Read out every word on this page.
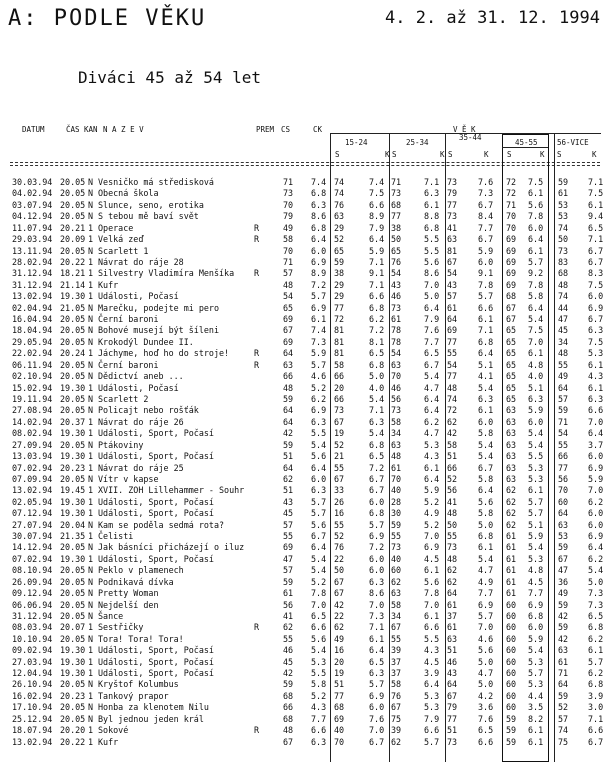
A: PODLE VĚKU	4. 2. až 31. 12. 1994
Diváci 45 až 54 let
DATUM	ČAS KAN N A Z E V	PREM CS	CK	V Ě K
15-24	25-34
35-44
45-55	56-VICE
S	K S	K S	K S	K S	K
30.03.94 20.05 N Vesničko má středisková	71 7.4 74	7.4 71	7.1 73 7.6 72 7.5 59 7.1
04.02.94 20.05 N Obecná škola	73 6.8 74	7.5 73	6.3 79 7.3 72 6.1 61 7.5
03.07.94 20.05 N Slunce, seno, erotika	70 6.3 76	6.6 68	6.1 77 6.7 71 5.6 53 6.1
04.12.94 20.05 N S tebou mě baví svět	79 8.6 63	8.9 77	8.8 73 8.4 70 7.8 53 9.4
11.07.94 20.21 1 Operace	R	49 6.8 29	7.9 38	6.8 41 7.7 70 6.0 74 6.5
29.03.94 20.09 1 Velká zeď	R	58 6.4 52	6.4 50	5.5 63 6.7 69 6.4 50 7.1
13.11.94 20.05 N Scarlett 1	70 6.0 65	5.9 65	5.5 81 5.9 69 6.1 73 6.7
28.02.94 20.22 1 Návrat do ráje 28	71 6.9 59	7.1 76	5.6 67 6.0 69 5.7 83 6.7
31.12.94 18.21 1 Silvestry Vladimíra Menšíka R	57 8.9 38	9.1 54	8.6 54 9.1 69 9.2 68 8.3
31.12.94 21.14 1 Kufr	48 7.2 29	7.1 43	7.0 43 7.8 69 7.8 48 7.5
13.02.94 19.30 1 Události, Počasí	54 5.7 29	6.6 46	5.0 57 5.7 68 5.8 74 6.0
02.04.94 21.05 N Marečku, podejte mi pero	65 6.9 77	6.8 73	6.4 61 6.6 67 6.4 44 6.9
16.04.94 20.05 N Černí baroni	69 6.1 72	6.2 61	7.9 64 6.1 67 5.4 47 6.7
18.04.94 20.05 N Bohové musejí být šíleni	67 7.4 81	7.2 78	7.6 69 7.1 65 7.5 45 6.3
29.05.94 20.05 N Krokodýl Dundee II.	69 7.3 81	8.1 78	7.7 77 6.8 65 7.0 34 7.5
22.02.94 20.24 1 Jáchyme, hoď ho do stroje!	R	64 5.9 81	6.5 54	6.5 55 6.4 65 6.1 48 5.3
06.11.94 20.05 N Černí baroni	R	63 5.7 58	6.8 63	6.7 54 5.1 65 4.8 55 6.1
02.10.94 20.05 N Dědictví aneb ...	66 4.6 66	5.0 70	5.4 77 4.1 65 4.0 49 4.3
15.02.94 19.30 1 Události, Počasí	48 5.2 20	4.0 46	4.7 48 5.4 65 5.1 64 6.1
19.11.94 20.05 N Scarlett 2	59 6.2 66	5.4 56	6.4 74 6.3 65 6.3 57 6.3
27.08.94 20.05 N Policajt nebo rošťák	64 6.9 73	7.1 73	6.4 72 6.1 63 5.9 59 6.6
14.02.94 20.37 1 Návrat do ráje 26	64 6.3 67	6.3 58	6.2 62 6.0 63 6.0 71 7.0
08.02.94 19.30 1 Události, Sport, Počasí	42 5.5 19	5.4 34	4.7 42 5.8 63 5.4 54 6.4
27.09.94 20.05 N Ptákoviny	59 5.4 52	6.8 63	5.3 58 5.4 63 5.4 55 3.7
13.03.94 19.30 1 Události, Sport, Počasí	51 5.6 21	6.5 48	4.3 51 5.4 63 5.5 66 6.0
07.02.94 20.23 1 Návrat do ráje 25	64 6.4 55	7.2 61	6.1 66 6.7 63 5.3 77 6.9
07.09.94 20.05 N Vítr v kapse	62 6.0 67	6.7 70	6.4 52 5.8 63 5.3 56 5.9
13.02.94 19.45 1 XVII. ZOH Lillehammer - Souhr	51 6.3 33	6.7 40	5.9 56 6.4 62 6.1 70 7.0
02.05.94 19.30 1 Události, Sport, Počasí	43 5.7 26	6.0 28	5.2 41 5.6 62 5.7 60 6.2
07.12.94 19.30 1 Události, Sport, Počasí	45 5.7 16	6.8 30	4.9 48 5.8 62 5.7 64 6.0
27.07.94 20.04 N Kam se poděla sedmá rota?	57 5.6 55	5.7 59	5.2 50 5.0 62 5.1 63 6.0
30.07.94 21.35 1 Čelisti	55 6.7 52	6.9 55	7.0 55 6.8 61 5.9 53 6.9
14.12.94 20.05 N Jak básníci přicházejí o iluz	69 6.4 76	7.2 73	6.9 73 6.1 61 5.4 59 6.4
07.02.94 19.30 1 Události, Sport, Počasí	47 5.4 22	6.0 40	4.5 48 5.4 61 5.3 67 6.2
08.10.94 20.05 N Peklo v plamenech	57 5.4 50	6.0 60	6.1 62 4.7 61 4.8 47 5.4
26.09.94 20.05 N Podnikavá dívka	59 5.2 67	6.3 62	5.6 62 4.9 61 4.5 36 5.0
09.12.94 20.05 N Pretty Woman	61 7.8 67	8.6 63	7.8 64 7.7 61 7.7 49 7.3
06.06.94 20.05 N Nejdelší den	56 7.0 42	7.0 58	7.0 61 6.9 60 6.9 59 7.3
31.12.94 20.05 N Šance	41 6.5 22	7.3 34	6.1 37 5.7 60 6.8 42 6.5
08.03.94 20.07 1 Sestřičky	R	62 6.6 62	7.1 67	6.6 61 7.0 60 6.0 59 6.8
10.10.94 20.05 N Tora! Tora! Tora!	55 5.6 49	6.1 55	5.5 63 4.6 60 5.9 42 6.2
09.02.94 19.30 1 Události, Sport, Počasí	46 5.4 16	6.4 39	4.3 51 5.6 60 5.4 63 6.1
27.03.94 19.30 1 Události, Sport, Počasí	45 5.3 20	6.5 37	4.5 46 5.0 60 5.3 61 5.7
12.04.94 19.30 1 Události, Sport, Počasí	42 5.5 19	6.3 37	3.9 43 4.7 60 5.7 71 6.2
26.10.94 20.05 N Kryštof Kolumbus	59 5.8 51	5.7 58	6.4 64 5.0 60 5.3 64 6.8
16.02.94 20.23 1 Tankový prapor	68 5.2 77	6.9 76	5.3 67 4.2 60 4.4 59 3.9
17.10.94 20.05 N Honba za klenotem Nilu	66 4.3 68	6.0 67	5.3 79 3.6 60 3.5 52 3.0
25.12.94 20.05 N Byl jednou jeden král	68 7.7 69	7.6 75	7.9 77 7.6 59 8.2 57 7.1
18.07.94 20.20 1 Sokové	R	48 6.6 40	7.0 39	6.6 51 6.5 59 6.1 74 6.6
13.02.94 20.22 1 Kufr	67 6.3 70	6.7 62	5.7 73 6.6 59 6.1 75 6.7
